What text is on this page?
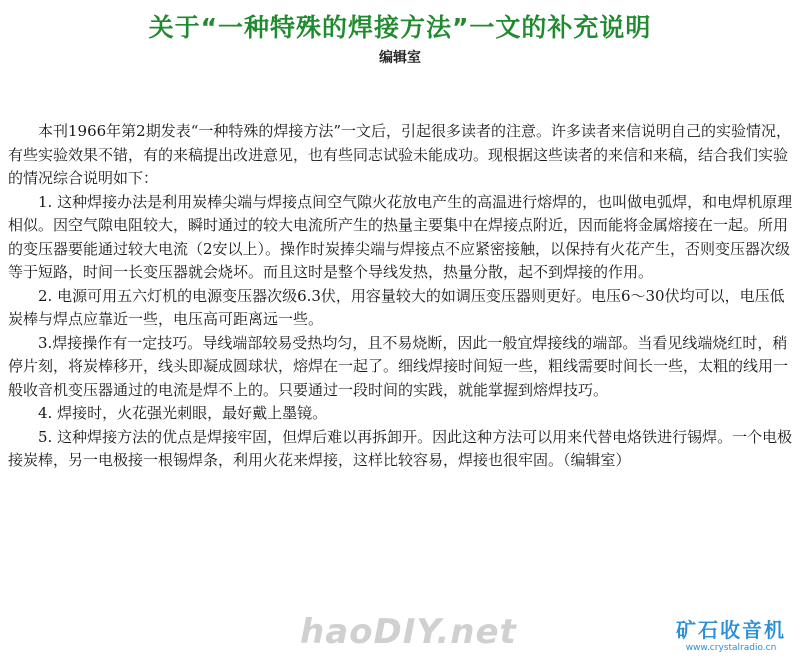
关于“一种特殊的焊接方法”一文的补充说明
编辑室

本刊1966年第2期发表“一种特殊的焊接方法”一文后，引起很多读者的注意。许多读者来信说明自己的实验情况，有些实验效果不错，有的来稿提出改进意见，也有些同志试验未能成功。现根据这些读者的来信和来稿，结合我们实验的情况综合说明如下：

1. 这种焊接办法是利用炭棒尖端与焊接点间空气隙火花放电产生的高温进行熔焊的，也叫做电弧焊，和电焊机原理相似。因空气隙电阻较大，瞬时通过的较大电流所产生的热量主要集中在焊接点附近，因而能将金属熔接在一起。所用的变压器要能通过较大电流（2安以上）。操作时炭捧尖端与焊接点不应紧密接触，以保持有火花产生，否则变压器次级等于短路，时间一长变压器就会烧坏。而且这时是整个导线发热，热量分散，起不到焊接的作用。

2. 电源可用五六灯机的电源变压器次级6.3伏，用容量较大的如调压变压器则更好。电压6～30伏均可以，电压低炭棒与焊点应靠近一些，电压高可距离远一些。

3.焊接操作有一定技巧。导线端部较易受热均匀，且不易烧断，因此一般宜焊接线的端部。当看见线端烧红时，稍停片刻，将炭棒移开，线头即凝成圆球状，熔焊在一起了。细线焊接时间短一些，粗线需要时间长一些，太粗的线用一般收音机变压器通过的电流是焊不上的。只要通过一段时间的实践，就能掌握到熔焊技巧。

4. 焊接时，火花强光刺眼，最好戴上墨镜。

5. 这种焊接方法的优点是焊接牢固，但焊后难以再拆卸开。因此这种方法可以用来代替电烙铁进行锡焊。一个电极接炭棒，另一电极接一根锡焊条，利用火花来焊接，这样比较容易，焊接也很牢固。（编辑室）

haoDIY.net	矿石收音机
www.crystalradio.cn
